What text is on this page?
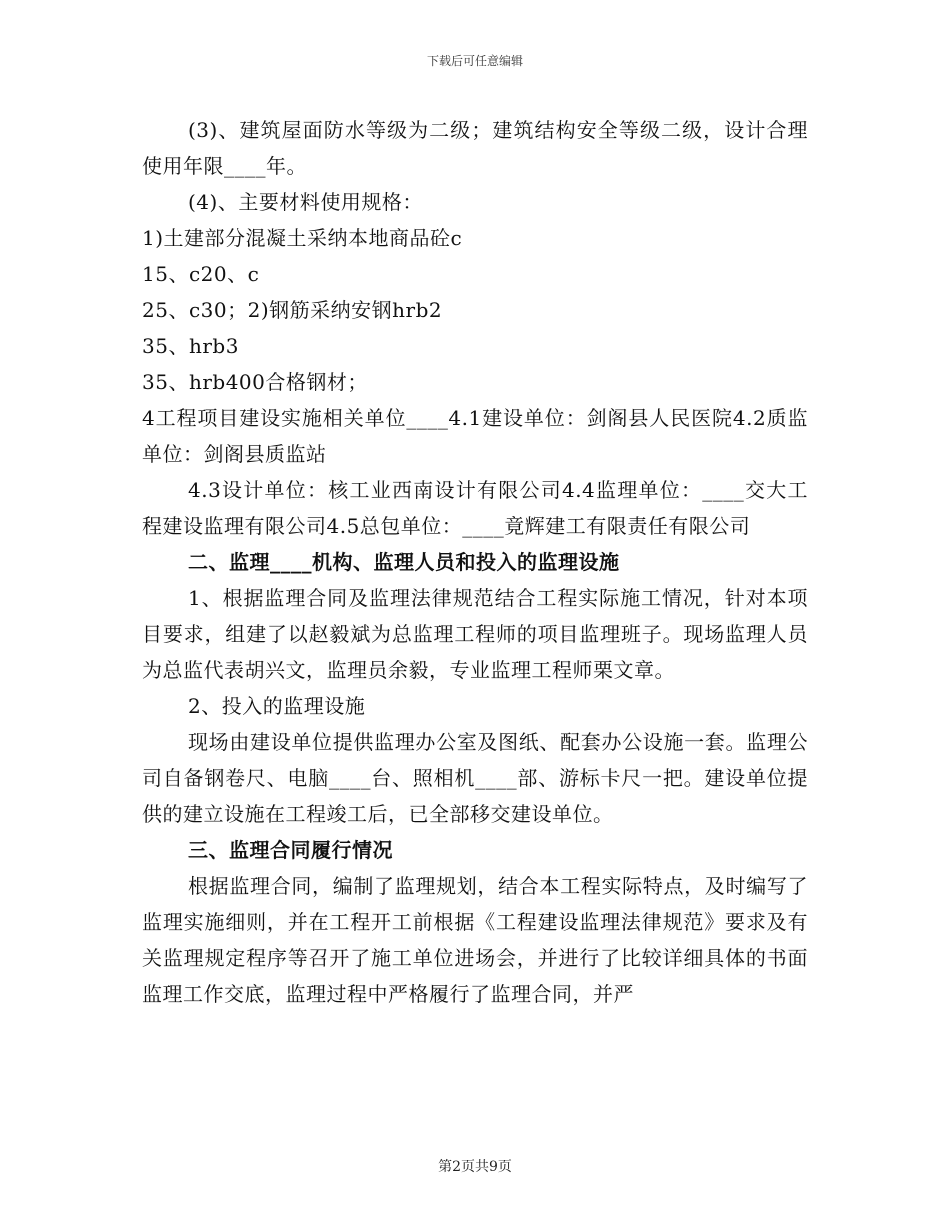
下载后可任意编辑

(3)、建筑屋面防水等级为二级；建筑结构安全等级二级，设计合理使用年限____年。

(4)、主要材料使用规格：

1)土建部分混凝土采纳本地商品砼c

15、c20、c

25、c30；2)钢筋采纳安钢hrb2

35、hrb3

35、hrb400合格钢材；

4工程项目建设实施相关单位____4.1建设单位：剑阁县人民医院4.2质监单位：剑阁县质监站

4.3设计单位：核工业西南设计有限公司4.4监理单位：____交大工程建设监理有限公司4.5总包单位：____竟辉建工有限责任有限公司

二、监理____机构、监理人员和投入的监理设施

1、根据监理合同及监理法律规范结合工程实际施工情况，针对本项目要求，组建了以赵毅斌为总监理工程师的项目监理班子。现场监理人员为总监代表胡兴文，监理员余毅，专业监理工程师栗文章。

2、投入的监理设施

现场由建设单位提供监理办公室及图纸、配套办公设施一套。监理公司自备钢卷尺、电脑____台、照相机____部、游标卡尺一把。建设单位提供的建立设施在工程竣工后，已全部移交建设单位。

三、监理合同履行情况

根据监理合同，编制了监理规划，结合本工程实际特点，及时编写了监理实施细则，并在工程开工前根据《工程建设监理法律规范》要求及有关监理规定程序等召开了施工单位进场会，并进行了比较详细具体的书面监理工作交底，监理过程中严格履行了监理合同，并严

第2页共9页
